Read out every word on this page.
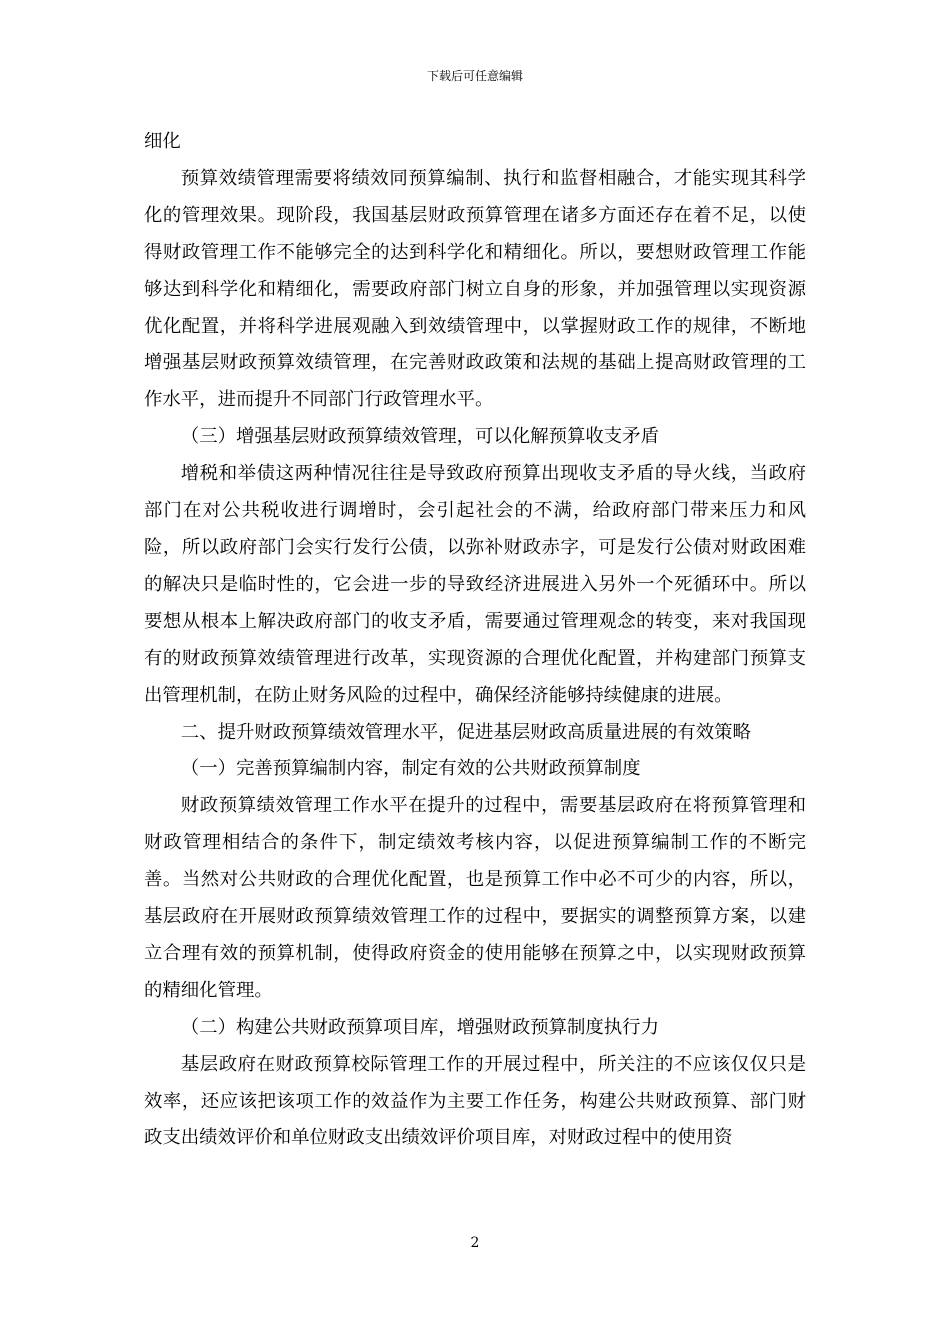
下载后可任意编辑

细化

预算效绩管理需要将绩效同预算编制、执行和监督相融合，才能实现其科学化的管理效果。现阶段，我国基层财政预算管理在诸多方面还存在着不足，以使得财政管理工作不能够完全的达到科学化和精细化。所以，要想财政管理工作能够达到科学化和精细化，需要政府部门树立自身的形象，并加强管理以实现资源优化配置，并将科学进展观融入到效绩管理中，以掌握财政工作的规律，不断地增强基层财政预算效绩管理，在完善财政政策和法规的基础上提高财政管理的工作水平，进而提升不同部门行政管理水平。

（三）增强基层财政预算绩效管理，可以化解预算收支矛盾

增税和举债这两种情况往往是导致政府预算出现收支矛盾的导火线，当政府部门在对公共税收进行调增时，会引起社会的不满，给政府部门带来压力和风险，所以政府部门会实行发行公债，以弥补财政赤字，可是发行公债对财政困难的解决只是临时性的，它会进一步的导致经济进展进入另外一个死循环中。所以要想从根本上解决政府部门的收支矛盾，需要通过管理观念的转变，来对我国现有的财政预算效绩管理进行改革，实现资源的合理优化配置，并构建部门预算支出管理机制，在防止财务风险的过程中，确保经济能够持续健康的进展。

二、提升财政预算绩效管理水平，促进基层财政高质量进展的有效策略

（一）完善预算编制内容，制定有效的公共财政预算制度

财政预算绩效管理工作水平在提升的过程中，需要基层政府在将预算管理和财政管理相结合的条件下，制定绩效考核内容，以促进预算编制工作的不断完善。当然对公共财政的合理优化配置，也是预算工作中必不可少的内容，所以，基层政府在开展财政预算绩效管理工作的过程中，要据实的调整预算方案，以建立合理有效的预算机制，使得政府资金的使用能够在预算之中，以实现财政预算的精细化管理。

（二）构建公共财政预算项目库，增强财政预算制度执行力

基层政府在财政预算校际管理工作的开展过程中，所关注的不应该仅仅只是效率，还应该把该项工作的效益作为主要工作任务，构建公共财政预算、部门财政支出绩效评价和单位财政支出绩效评价项目库，对财政过程中的使用资

2
